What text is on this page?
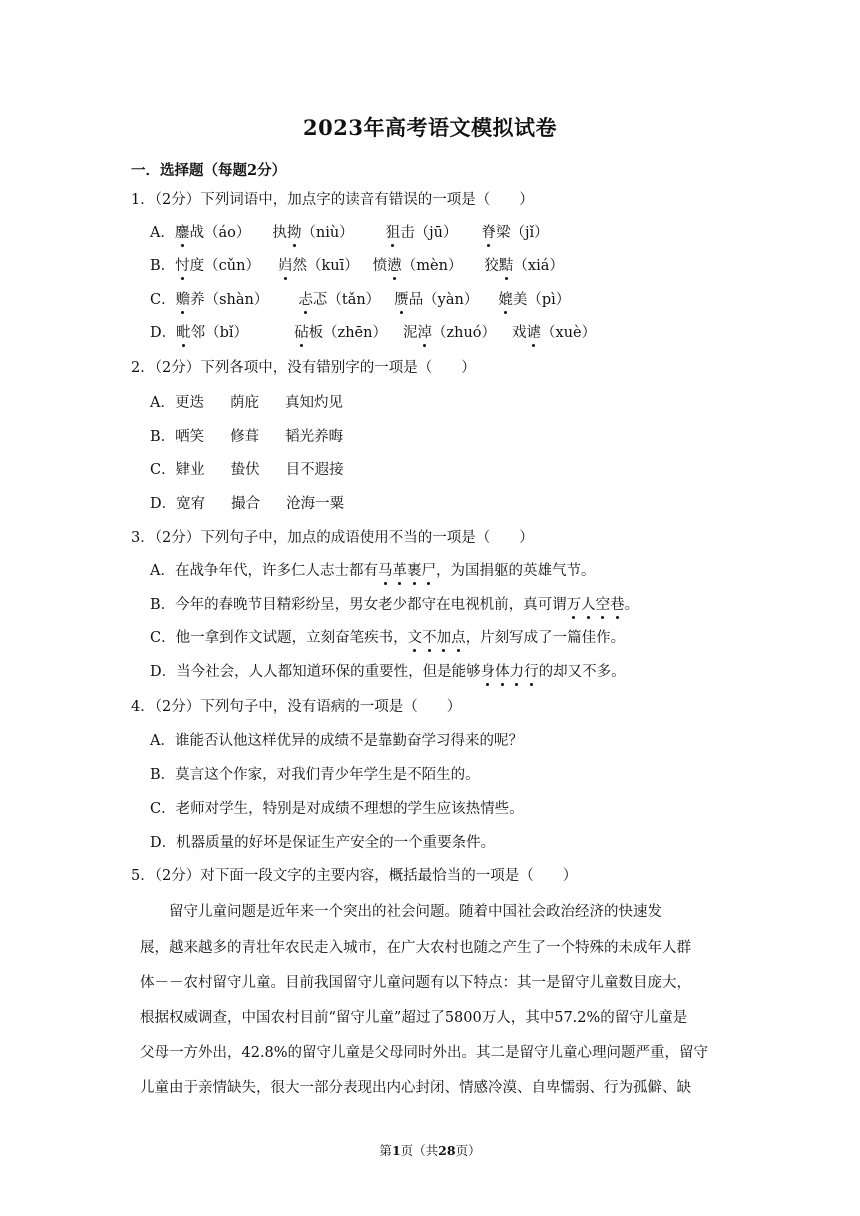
2023年高考语文模拟试卷
一．选择题（每题2分）
1．（2分）下列词语中，加点字的读音有错误的一项是（　　）
A．鏖战（áo） 执拗（niù） 狙击（jū） 脊梁（jǐ）
B．忖度（cǔn） 岿然（kuī） 愤懑（mèn） 狡黠（xiá）
C．赡养（shàn） 忐忑（tǎn） 赝品（yàn） 媲美（pì）
D．毗邻（bǐ）	砧板（zhēn） 泥淖（zhuó） 戏谑（xuè）
2．（2分）下列各项中，没有错别字的一项是（　　）
A．更迭 荫庇 真知灼见
B．哂笑 修葺 韬光养晦
C．肄业 蛰伏 目不遐接
D．宽宥 撮合 沧海一粟
3．（2分）下列句子中，加点的成语使用不当的一项是（　　）
A．在战争年代，许多仁人志士都有马革裹尸，为国捐躯的英雄气节。
B．今年的春晚节目精彩纷呈，男女老少都守在电视机前，真可谓万人空巷。
C．他一拿到作文试题，立刻奋笔疾书，文不加点，片刻写成了一篇佳作。
D．当今社会，人人都知道环保的重要性，但是能够身体力行的却又不多。
4．（2分）下列句子中，没有语病的一项是（　　）
A．谁能否认他这样优异的成绩不是靠勤奋学习得来的呢？
B．莫言这个作家，对我们青少年学生是不陌生的。
C．老师对学生，特别是对成绩不理想的学生应该热情些。
D．机器质量的好坏是保证生产安全的一个重要条件。
5．（2分）对下面一段文字的主要内容，概括最恰当的一项是（　　）
　　留守儿童问题是近年来一个突出的社会问题。随着中国社会政治经济的快速发
展，越来越多的青壮年农民走入城市，在广大农村也随之产生了一个特殊的未成年人群
体－－农村留守儿童。目前我国留守儿童问题有以下特点：其一是留守儿童数目庞大，
根据权威调查，中国农村目前“留守儿童”超过了5800万人，其中57.2%的留守儿童是
父母一方外出，42.8%的留守儿童是父母同时外出。其二是留守儿童心理问题严重，留守
儿童由于亲情缺失，很大一部分表现出内心封闭、情感冷漠、自卑懦弱、行为孤僻、缺
第1页（共28页）
